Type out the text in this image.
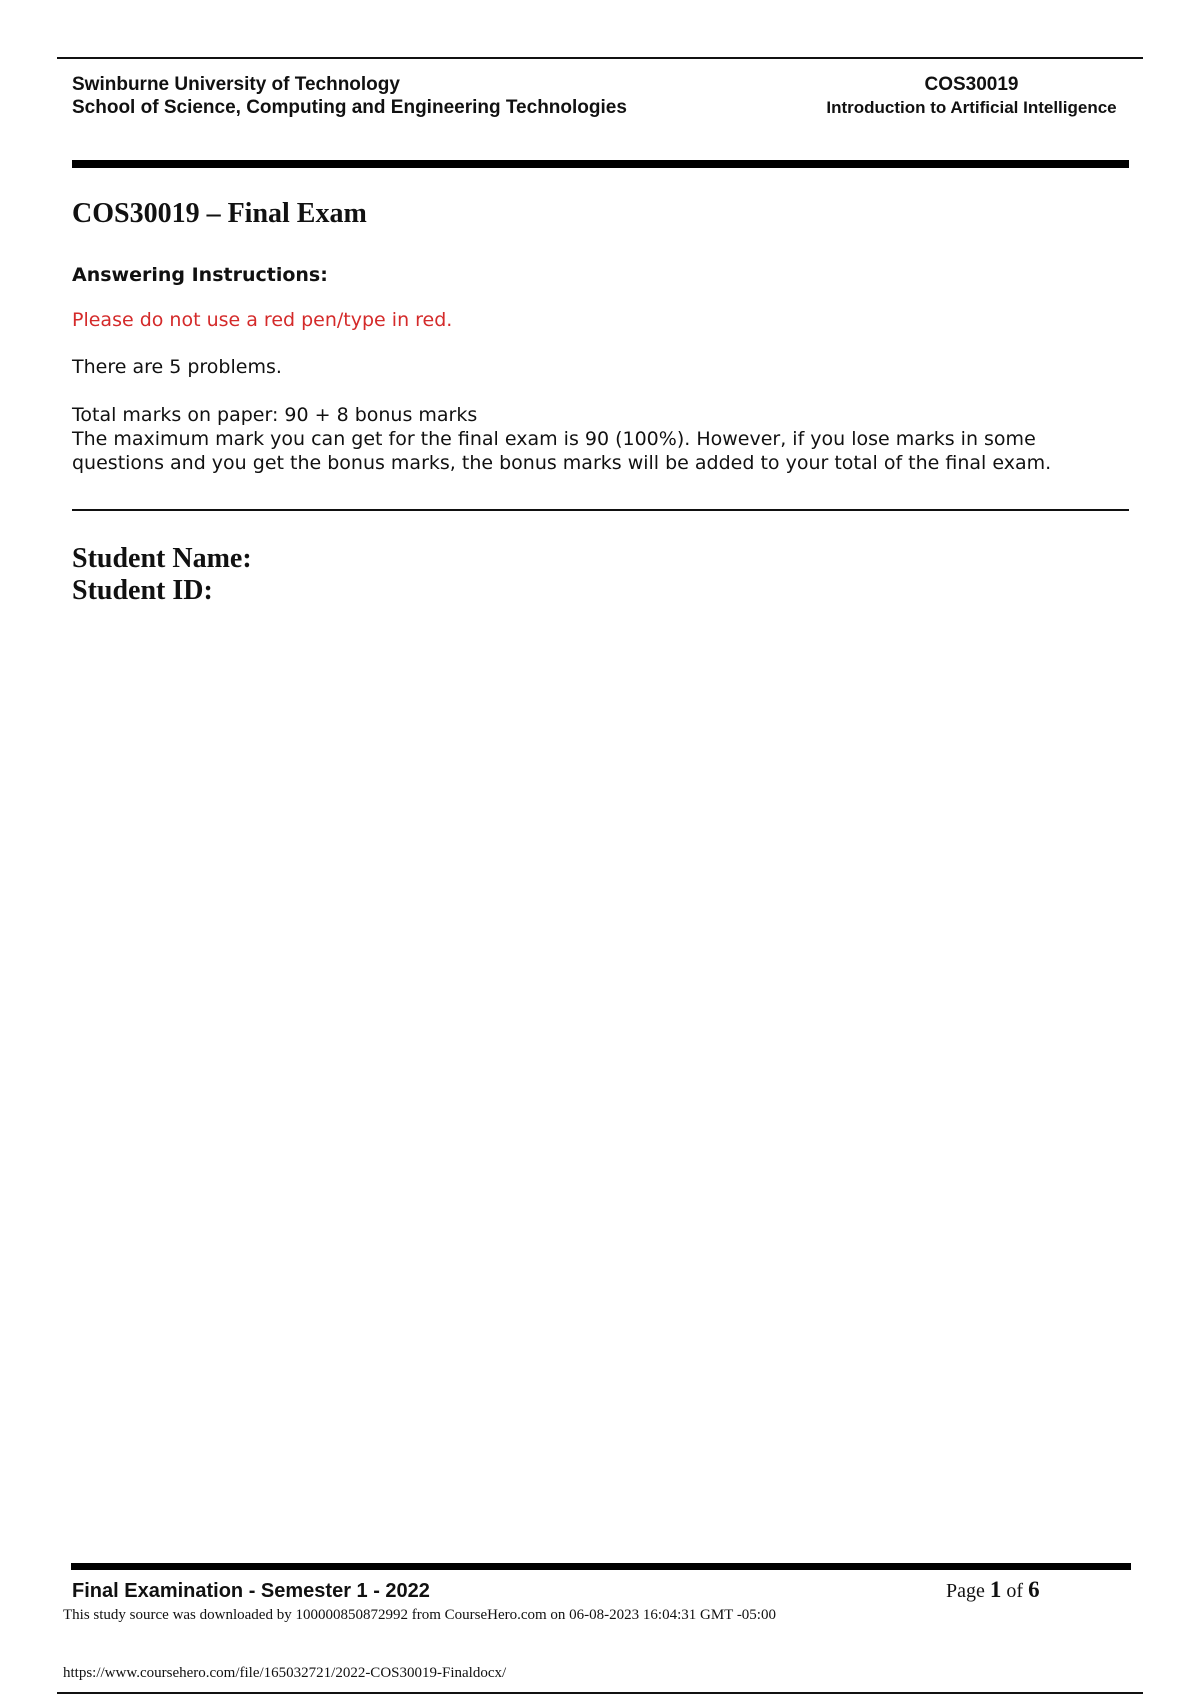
Swinburne University of Technology
School of Science, Computing and Engineering Technologies
COS30019
Introduction to Artificial Intelligence
COS30019 – Final Exam
Answering Instructions:
Please do not use a red pen/type in red.
There are 5 problems.
Total marks on paper: 90 + 8 bonus marks
The maximum mark you can get for the final exam is 90 (100%). However, if you lose marks in some questions and you get the bonus marks, the bonus marks will be added to your total of the final exam.
Student Name:
Student ID:
Final Examination - Semester 1 - 2022	Page 1 of 6
This study source was downloaded by 100000850872992 from CourseHero.com on 06-08-2023 16:04:31 GMT -05:00
https://www.coursehero.com/file/165032721/2022-COS30019-Finaldocx/
